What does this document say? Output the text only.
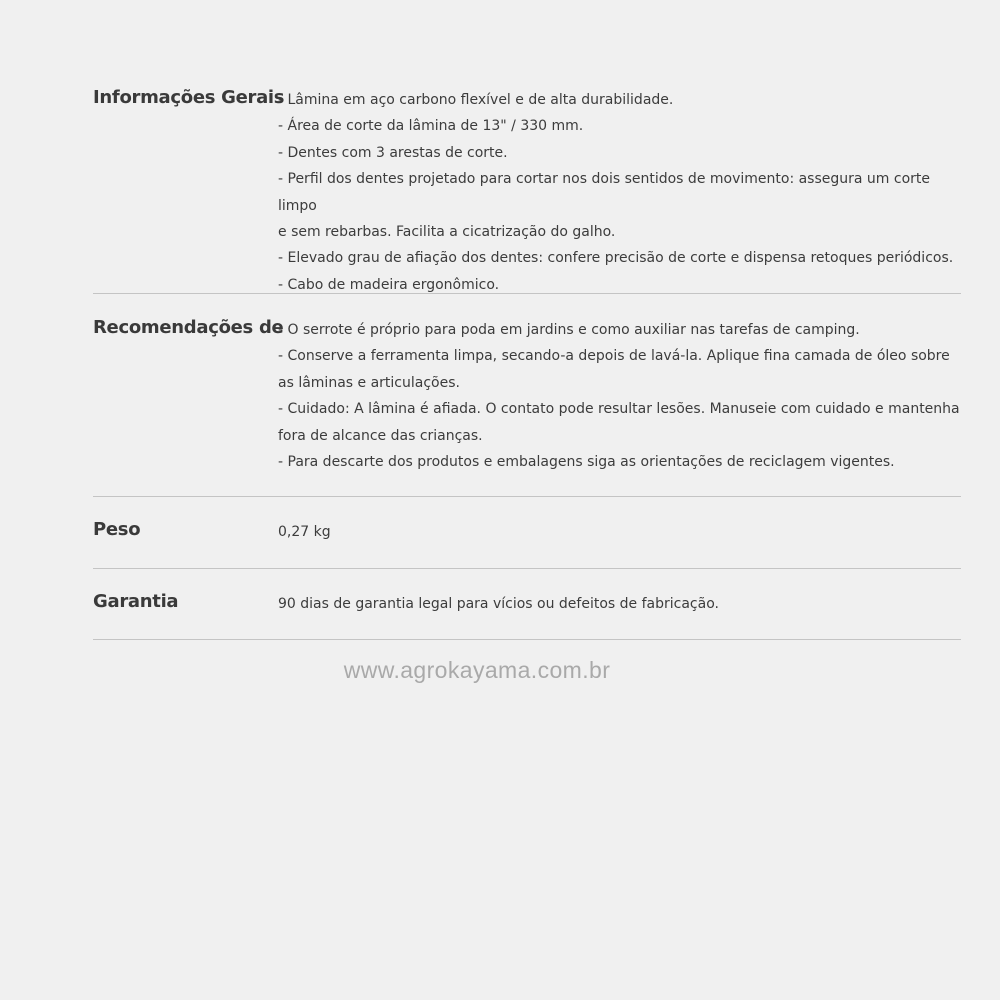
Informações Gerais
- Lâmina em aço carbono flexível e de alta durabilidade.
- Área de corte da lâmina de 13" / 330 mm.
- Dentes com 3 arestas de corte.
- Perfil dos dentes projetado para cortar nos dois sentidos de movimento: assegura um corte limpo
e sem rebarbas. Facilita a cicatrização do galho.
- Elevado grau de afiação dos dentes: confere precisão de corte e dispensa retoques periódicos.
- Cabo de madeira ergonômico.
Recomendações de
- O serrote é próprio para poda em jardins e como auxiliar nas tarefas de camping.
- Conserve a ferramenta limpa, secando-a depois de lavá-la. Aplique fina camada de óleo sobre
as lâminas e articulações.
- Cuidado: A lâmina é afiada. O contato pode resultar lesões. Manuseie com cuidado e mantenha
fora de alcance das crianças.
- Para descarte dos produtos e embalagens siga as orientações de reciclagem vigentes.
Peso	0,27 kg
Garantia	90 dias de garantia legal para vícios ou defeitos de fabricação.
www.agrokayama.com.br
